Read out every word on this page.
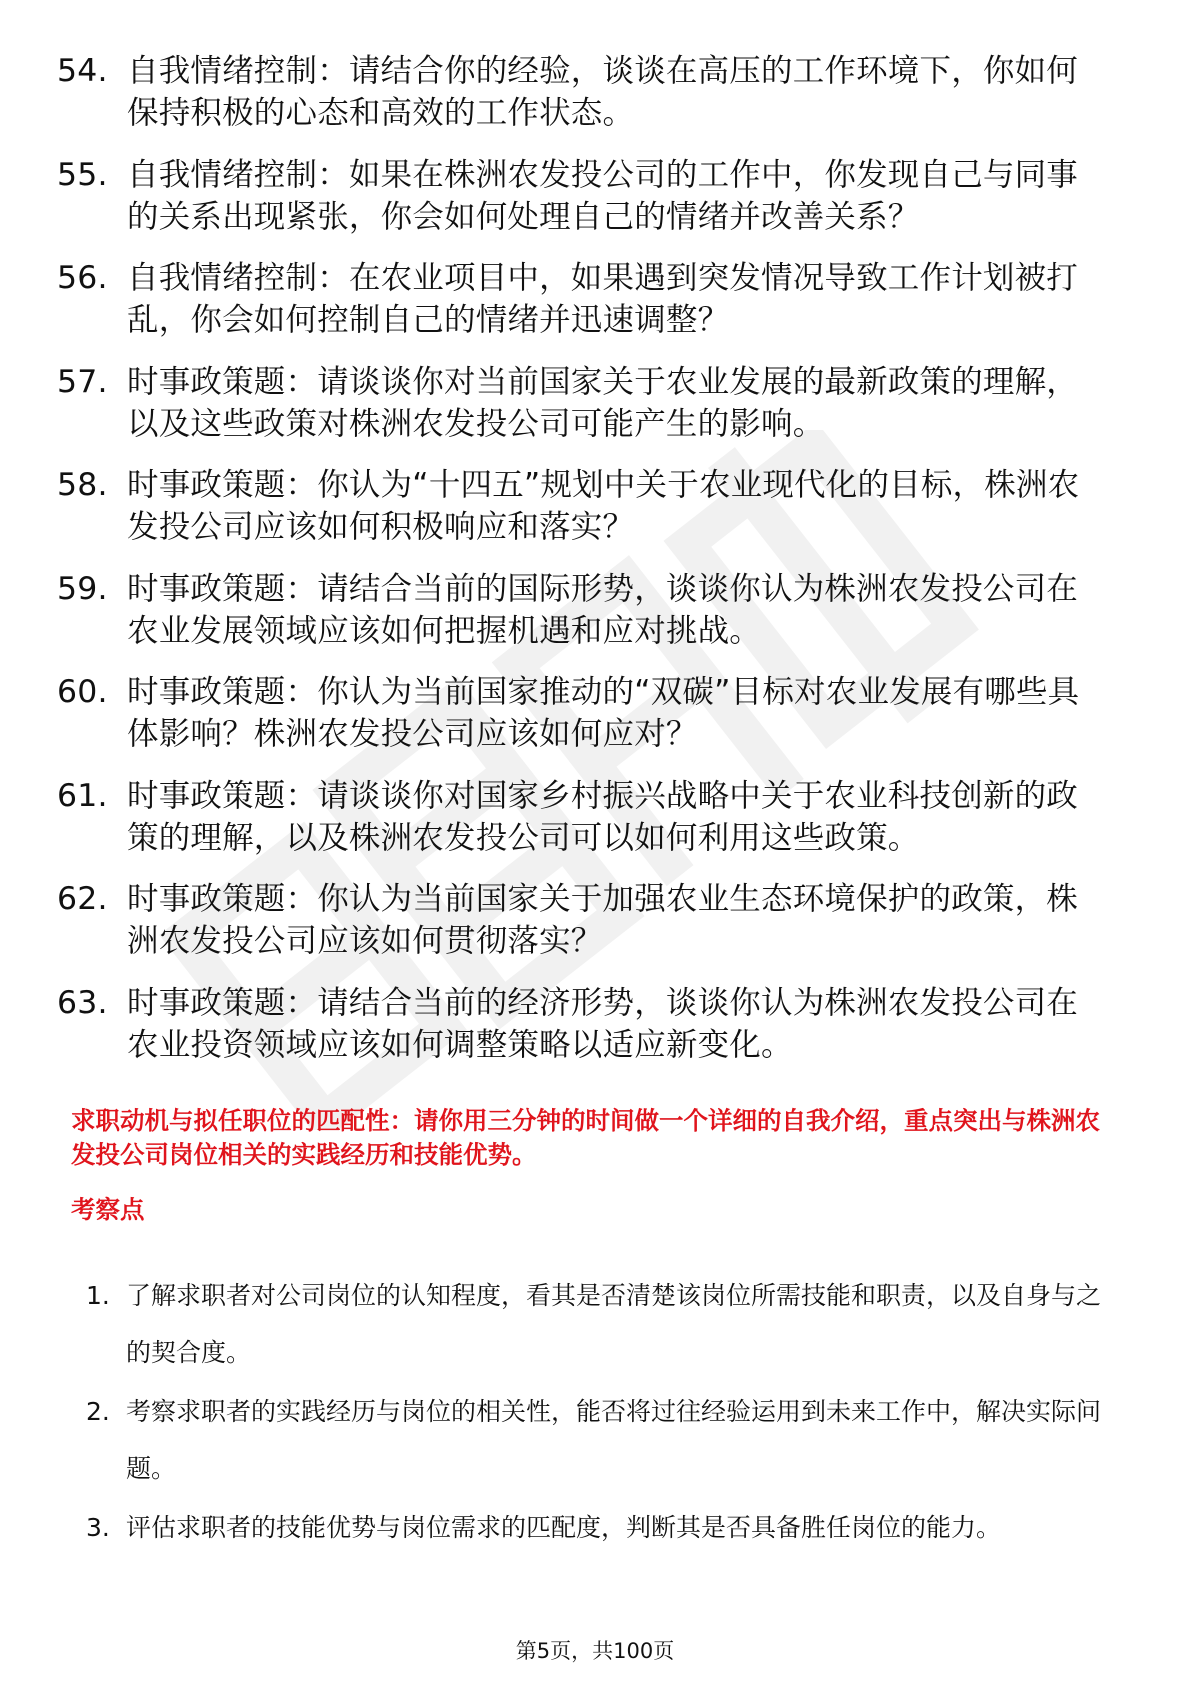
54. 自我情绪控制：请结合你的经验，谈谈在高压的工作环境下，你如何保持积极的心态和高效的工作状态。
55. 自我情绪控制：如果在株洲农发投公司的工作中，你发现自己与同事的关系出现紧张，你会如何处理自己的情绪并改善关系？
56. 自我情绪控制：在农业项目中，如果遇到突发情况导致工作计划被打乱，你会如何控制自己的情绪并迅速调整？
57. 时事政策题：请谈谈你对当前国家关于农业发展的最新政策的理解，以及这些政策对株洲农发投公司可能产生的影响。
58. 时事政策题：你认为“十四五”规划中关于农业现代化的目标，株洲农发投公司应该如何积极响应和落实？
59. 时事政策题：请结合当前的国际形势，谈谈你认为株洲农发投公司在农业发展领域应该如何把握机遇和应对挑战。
60. 时事政策题：你认为当前国家推动的“双碳”目标对农业发展有哪些具体影响？株洲农发投公司应该如何应对？
61. 时事政策题：请谈谈你对国家乡村振兴战略中关于农业科技创新的政策的理解，以及株洲农发投公司可以如何利用这些政策。
62. 时事政策题：你认为当前国家关于加强农业生态环境保护的政策，株洲农发投公司应该如何贯彻落实？
63. 时事政策题：请结合当前的经济形势，谈谈你认为株洲农发投公司在农业投资领域应该如何调整策略以适应新变化。
求职动机与拟任职位的匹配性：请你用三分钟的时间做一个详细的自我介绍，重点突出与株洲农发投公司岗位相关的实践经历和技能优势。
考察点
1. 了解求职者对公司岗位的认知程度，看其是否清楚该岗位所需技能和职责，以及自身与之的契合度。
2. 考察求职者的实践经历与岗位的相关性，能否将过往经验运用到未来工作中，解决实际问题。
3. 评估求职者的技能优势与岗位需求的匹配度，判断其是否具备胜任岗位的能力。
第5页，共100页
